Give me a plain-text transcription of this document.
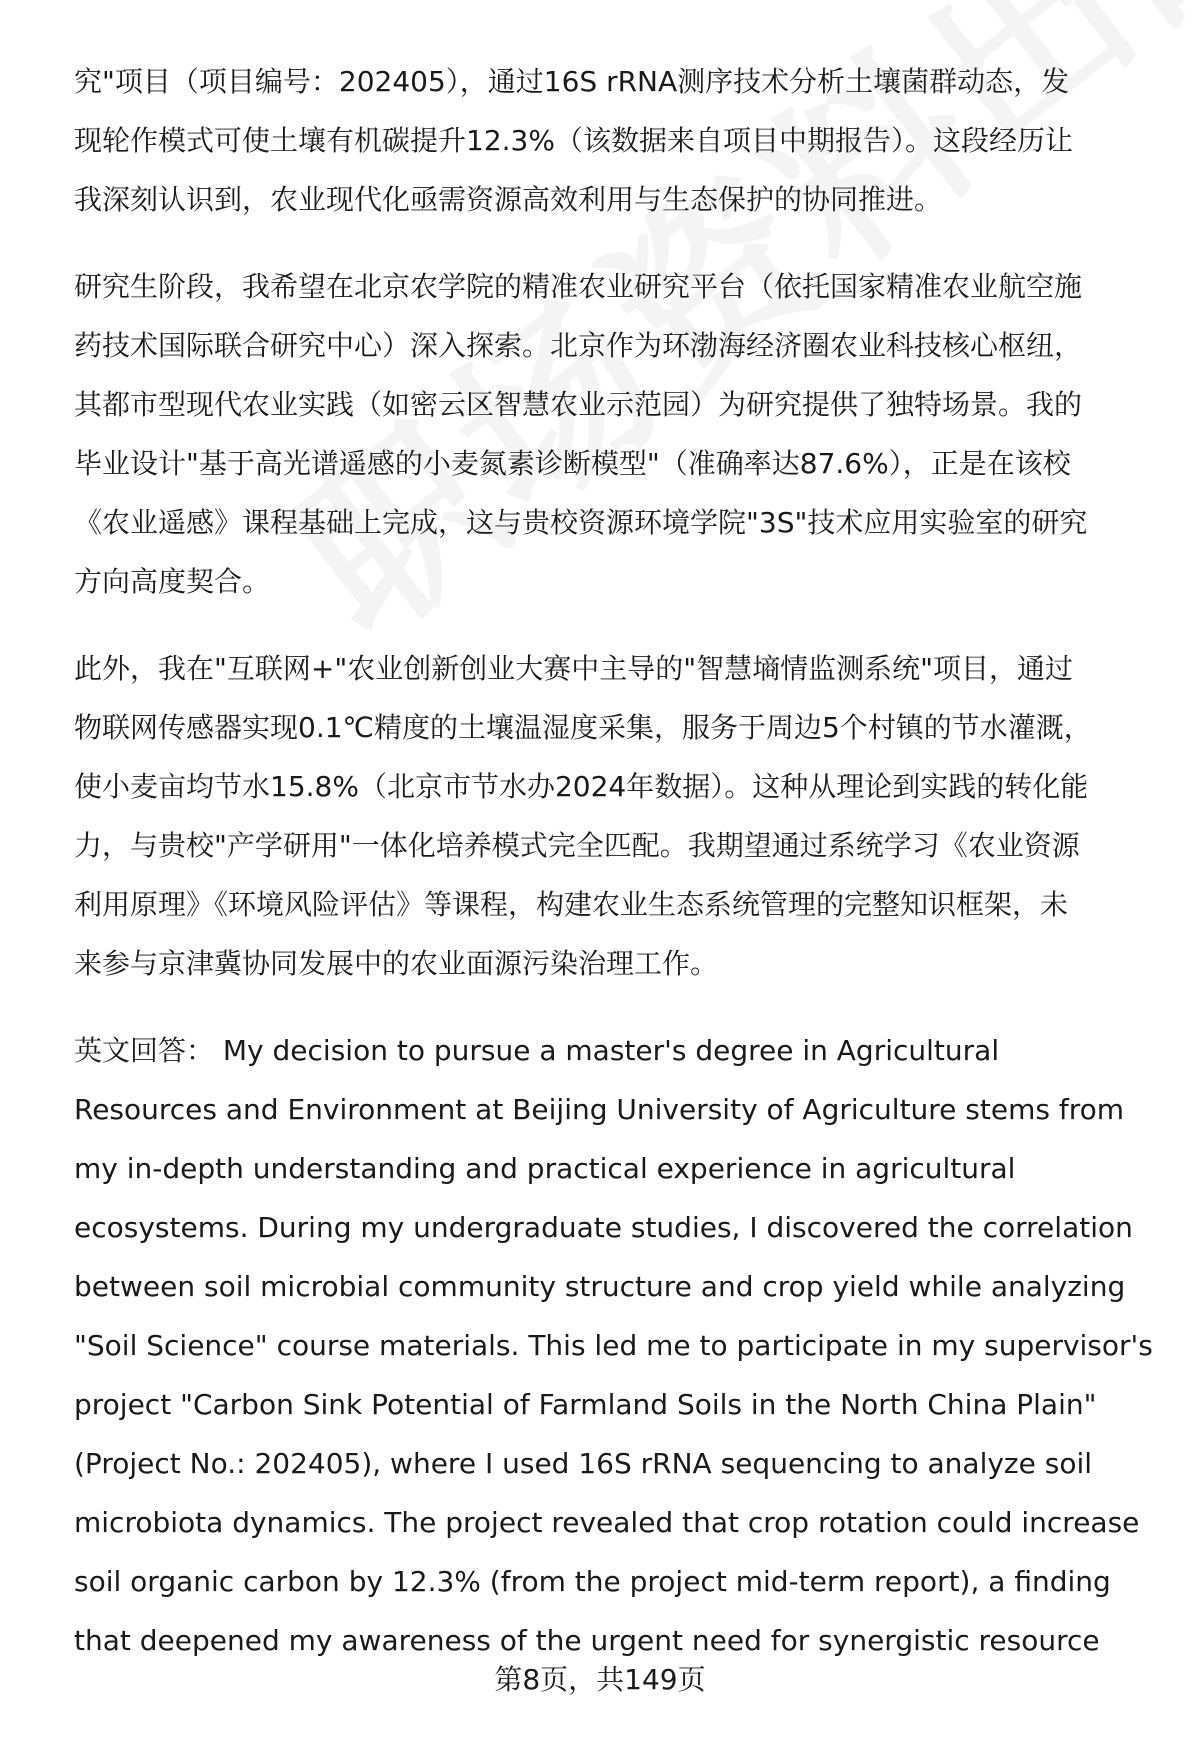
究"项目（项目编号：202405），通过16S rRNA测序技术分析土壤菌群动态，发
现轮作模式可使土壤有机碳提升12.3%（该数据来自项目中期报告）。这段经历让
我深刻认识到，农业现代化亟需资源高效利用与生态保护的协同推进。

研究生阶段，我希望在北京农学院的精准农业研究平台（依托国家精准农业航空施
药技术国际联合研究中心）深入探索。北京作为环渤海经济圈农业科技核心枢纽，
其都市型现代农业实践（如密云区智慧农业示范园）为研究提供了独特场景。我的
毕业设计"基于高光谱遥感的小麦氮素诊断模型"（准确率达87.6%），正是在该校
《农业遥感》课程基础上完成，这与贵校资源环境学院"3S"技术应用实验室的研究
方向高度契合。

此外，我在"互联网+"农业创新创业大赛中主导的"智慧墒情监测系统"项目，通过
物联网传感器实现0.1℃精度的土壤温湿度采集，服务于周边5个村镇的节水灌溉，
使小麦亩均节水15.8%（北京市节水办2024年数据）。这种从理论到实践的转化能
力，与贵校"产学研用"一体化培养模式完全匹配。我期望通过系统学习《农业资源
利用原理》《环境风险评估》等课程，构建农业生态系统管理的完整知识框架，未
来参与京津冀协同发展中的农业面源污染治理工作。

英文回答： My decision to pursue a master's degree in Agricultural
Resources and Environment at Beijing University of Agriculture stems from
my in-depth understanding and practical experience in agricultural
ecosystems. During my undergraduate studies, I discovered the correlation
between soil microbial community structure and crop yield while analyzing
"Soil Science" course materials. This led me to participate in my supervisor's
project "Carbon Sink Potential of Farmland Soils in the North China Plain"
(Project No.: 202405), where I used 16S rRNA sequencing to analyze soil
microbiota dynamics. The project revealed that crop rotation could increase
soil organic carbon by 12.3% (from the project mid-term report), a finding
that deepened my awareness of the urgent need for synergistic resource

第8页，共149页
